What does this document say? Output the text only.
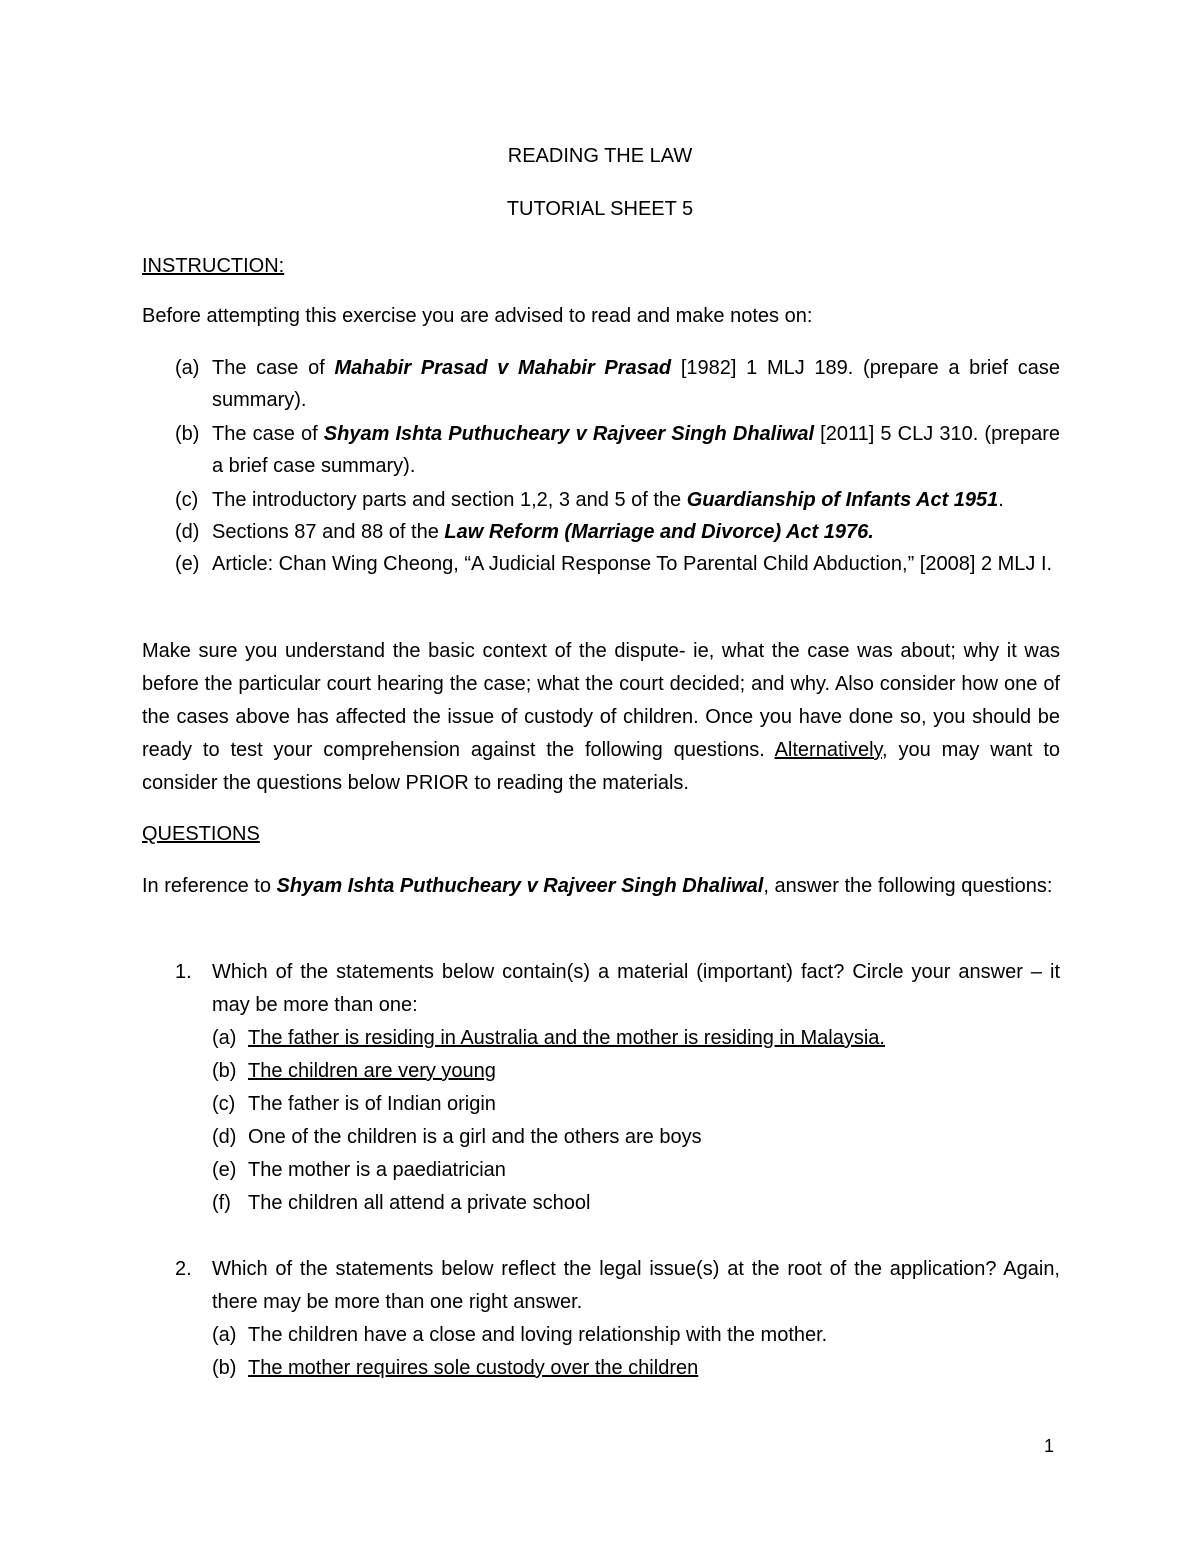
READING THE LAW
TUTORIAL SHEET 5
INSTRUCTION:
Before attempting this exercise you are advised to read and make notes on:
(a) The case of Mahabir Prasad v Mahabir Prasad [1982] 1 MLJ 189. (prepare a brief case summary).
(b) The case of Shyam Ishta Puthucheary v Rajveer Singh Dhaliwal [2011] 5 CLJ 310. (prepare a brief case summary).
(c) The introductory parts and section 1,2, 3 and 5 of the Guardianship of Infants Act 1951.
(d) Sections 87 and 88 of the Law Reform (Marriage and Divorce) Act 1976.
(e) Article: Chan Wing Cheong, “A Judicial Response To Parental Child Abduction,” [2008] 2 MLJ I.
Make sure you understand the basic context of the dispute- ie, what the case was about; why it was before the particular court hearing the case; what the court decided; and why. Also consider how one of the cases above has affected the issue of custody of children. Once you have done so, you should be ready to test your comprehension against the following questions. Alternatively, you may want to consider the questions below PRIOR to reading the materials.
QUESTIONS
In reference to Shyam Ishta Puthucheary v Rajveer Singh Dhaliwal, answer the following questions:
1.	Which of the statements below contain(s) a material (important) fact? Circle your answer – it may be more than one:
(a) The father is residing in Australia and the mother is residing in Malaysia.
(b) The children are very young
(c) The father is of Indian origin
(d) One of the children is a girl and the others are boys
(e) The mother is a paediatrician
(f) The children all attend a private school
2.	Which of the statements below reflect the legal issue(s) at the root of the application? Again, there may be more than one right answer.
(a) The children have a close and loving relationship with the mother.
(b) The mother requires sole custody over the children
1
